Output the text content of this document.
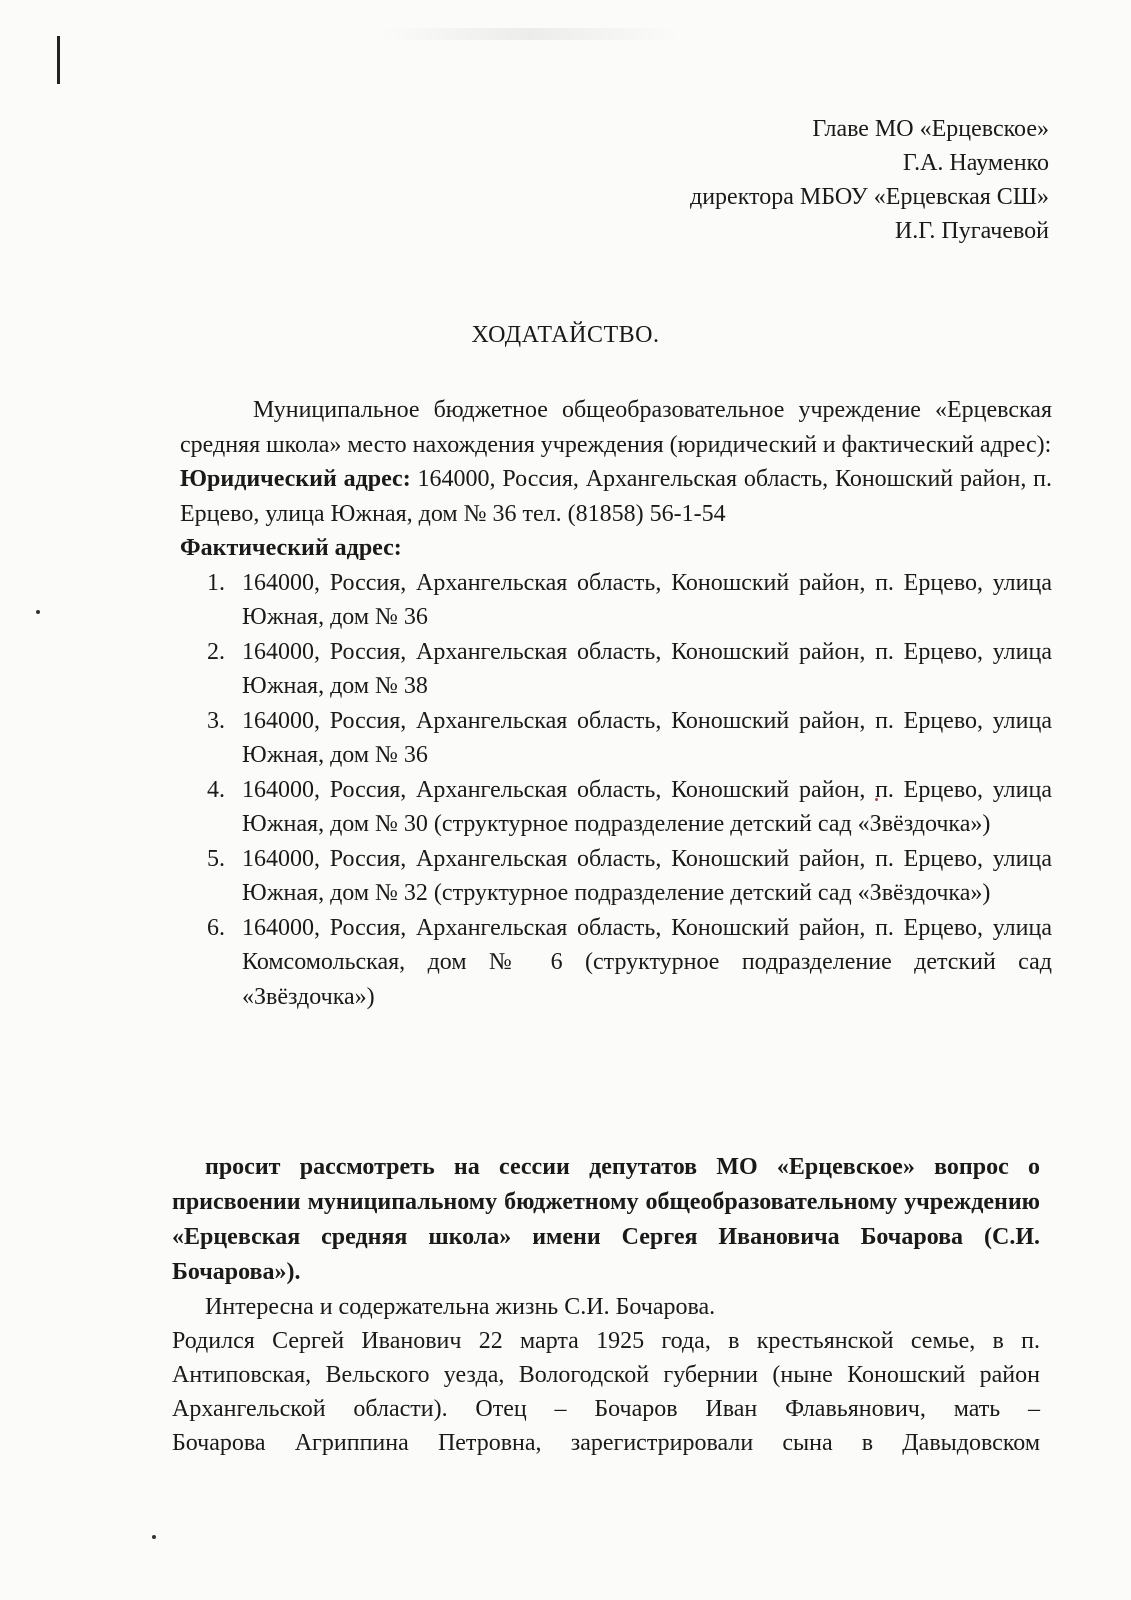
Главе МО «Ерцевское»
Г.А. Науменко
директора МБОУ «Ерцевская СШ»
И.Г. Пугачевой
ХОДАТАЙСТВО.
Муниципальное бюджетное общеобразовательное учреждение «Ерцевская средняя школа» место нахождения учреждения (юридический и фактический адрес):
Юридический адрес: 164000, Россия, Архангельская область, Коношский район, п. Ерцево, улица Южная, дом № 36 тел. (81858) 56-1-54
Фактический адрес:
1. 164000, Россия, Архангельская область, Коношский район, п. Ерцево, улица Южная, дом № 36
2. 164000, Россия, Архангельская область, Коношский район, п. Ерцево, улица Южная, дом № 38
3. 164000, Россия, Архангельская область, Коношский район, п. Ерцево, улица Южная, дом № 36
4. 164000, Россия, Архангельская область, Коношский район, п. Ерцево, улица Южная, дом № 30 (структурное подразделение детский сад «Звёздочка»)
5. 164000, Россия, Архангельская область, Коношский район, п. Ерцево, улица Южная, дом № 32 (структурное подразделение детский сад «Звёздочка»)
6. 164000, Россия, Архангельская область, Коношский район, п. Ерцево, улица Комсомольская, дом № 6 (структурное подразделение детский сад «Звёздочка»)
просит рассмотреть на сессии депутатов МО «Ерцевское» вопрос о присвоении муниципальному бюджетному общеобразовательному учреждению «Ерцевская средняя школа» имени Сергея Ивановича Бочарова (С.И. Бочарова»).
Интересна и содержательна жизнь С.И. Бочарова.
Родился Сергей Иванович 22 марта 1925 года, в крестьянской семье, в п. Антиповская, Вельского уезда, Вологодской губернии (ныне Коношский район Архангельской области). Отец – Бочаров Иван Флавьянович, мать –
Бочарова Агриппина Петровна, зарегистрировали сына в Давыдовском
